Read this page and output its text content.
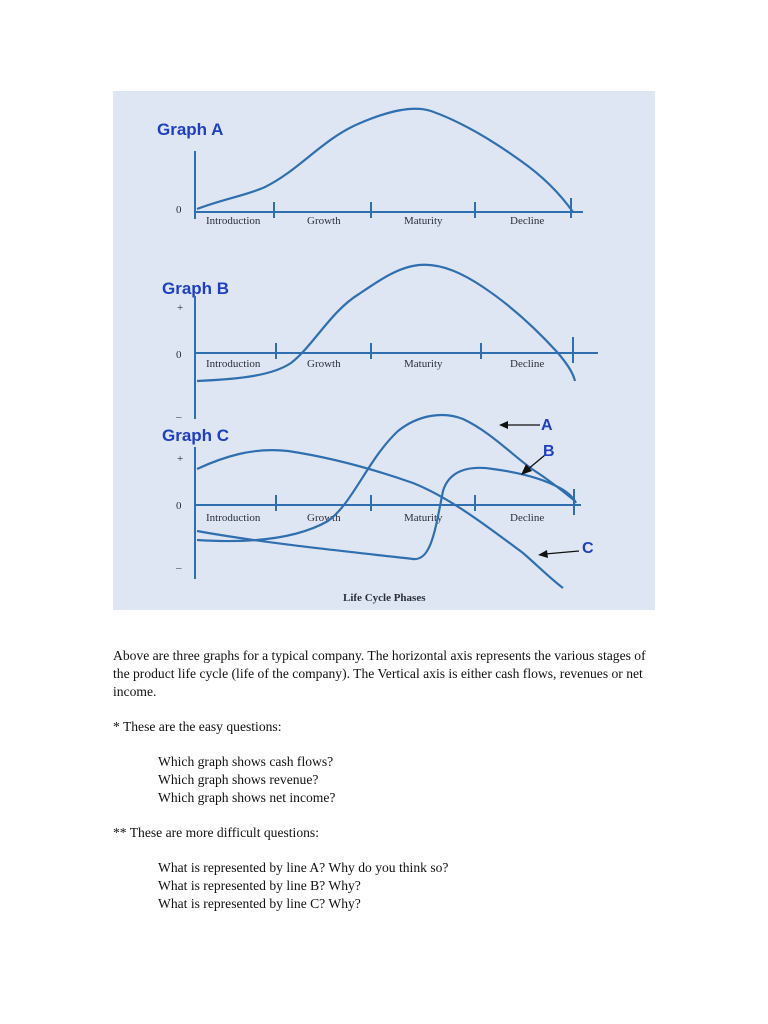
Graph A
0
Introduction	Growth	Maturity	Decline
Graph B
+
0
Introduction	Growth	Maturity	Decline
–
Graph C
+
0
Introduction	Growth	Maturity	Decline
–
A
B
C
Life Cycle Phases

Above are three graphs for a typical company. The horizontal axis represents the various stages of the product life cycle (life of the company). The Vertical axis is either cash flows, revenues or net income.

* These are the easy questions:

Which graph shows cash flows?

Which graph shows revenue?

Which graph shows net income?

** These are more difficult questions:

What is represented by line A? Why do you think so?

What is represented by line B? Why?

What is represented by line C? Why?
